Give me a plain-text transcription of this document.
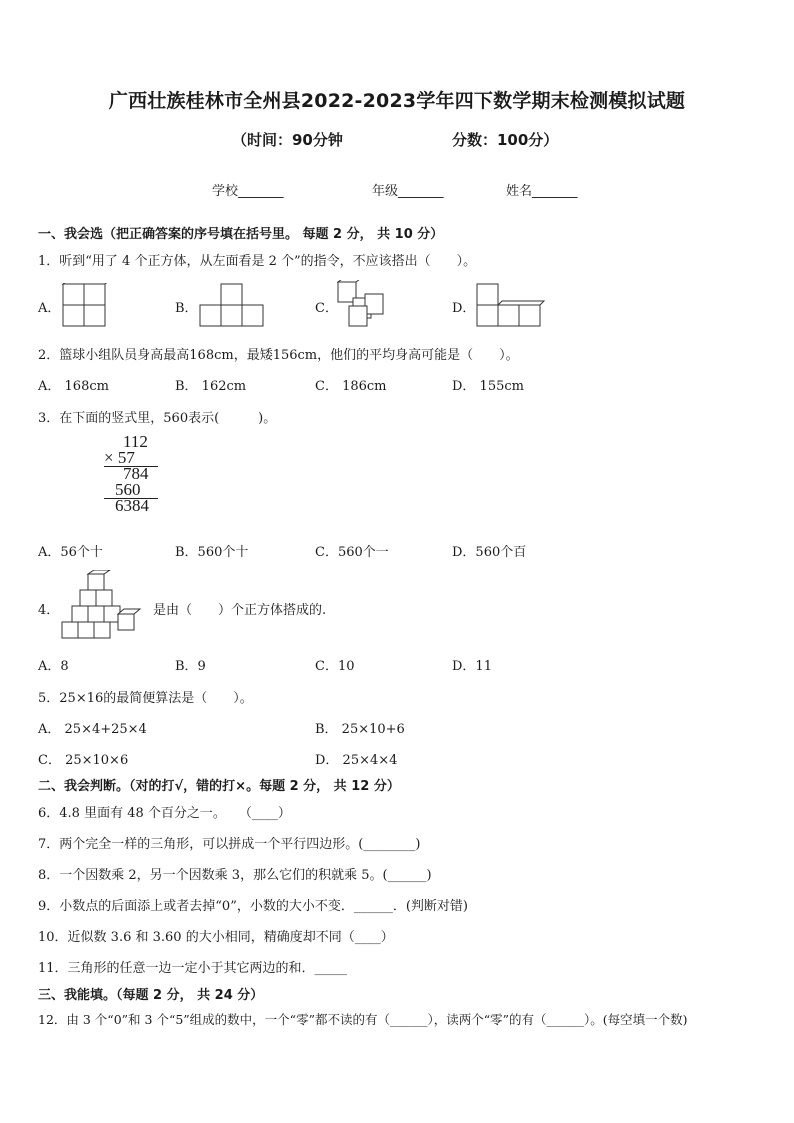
广西壮族桂林市全州县2022-2023学年四下数学期末检测模拟试题
（时间：90分钟	分数：100分）
学校_______	年级_______	姓名_______
一、我会选（把正确答案的序号填在括号里。 每题 2 分， 共 10 分）
1．听到“用了 4 个正方体，从左面看是 2 个”的指令，不应该搭出（　　）。
A．	B．	C．	D．
2．篮球小组队员身高最高168cm，最矮156cm，他们的平均身高可能是（　　）。
A． 168cm	B． 162cm	C． 186cm	D． 155cm
3．在下面的竖式里，560表示(　　　)。
112
× 57
784
560
6384
A．56个十	B．560个十	C．560个一	D．560个百
4．	是由（　　）个正方体搭成的.
A．8	B．9	C．10	D．11
5．25×16的最简便算法是（　　）。
A． 25×4+25×4	B． 25×10+6
C． 25×10×6	D． 25×4×4
二、我会判断。（对的打√，错的打×。每题 2 分， 共 12 分）
6．4.8 里面有 48 个百分之一。　　（____）
7．两个完全一样的三角形，可以拼成一个平行四边形。(________)
8．一个因数乘 2，另一个因数乘 3，那么它们的积就乘 5。(______)
9．小数点的后面添上或者去掉“0”，小数的大小不变．______．(判断对错)
10．近似数 3.6 和 3.60 的大小相同，精确度却不同（____）
11．三角形的任意一边一定小于其它两边的和．_____
三、我能填。（每题 2 分， 共 24 分）
12．由 3 个“0”和 3 个“5”组成的数中，一个“零”都不读的有（______），读两个“零”的有（______）。(每空填一个数)
